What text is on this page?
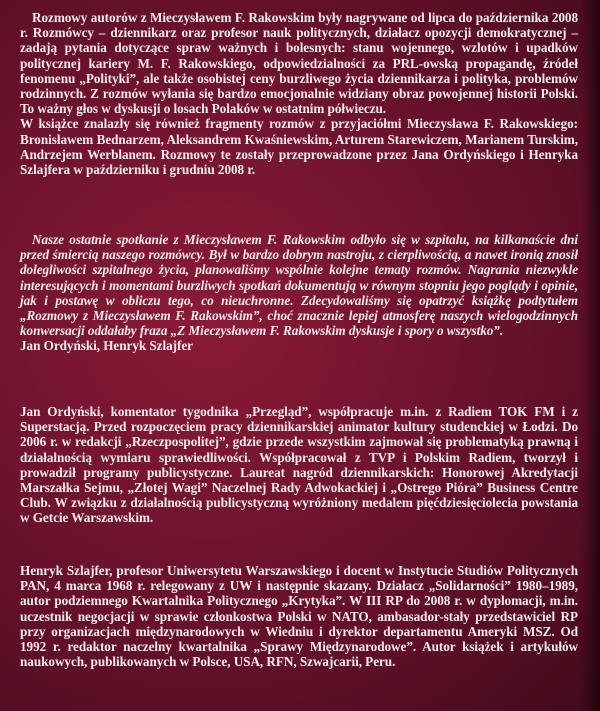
Rozmowy autorów z Mieczysławem F. Rakowskim były nagrywane od lipca do października 2008 r. Rozmówcy – dziennikarz oraz profesor nauk politycznych, działacz opozycji demokratycznej – zadają pytania dotyczące spraw ważnych i bolesnych: stanu wojennego, wzlotów i upadków politycznej kariery M. F. Rakowskiego, odpowiedzialności za PRL-owską propagandę, źródeł fenomenu „Polityki”, ale także osobistej ceny burzliwego życia dziennikarza i polityka, problemów rodzinnych. Z rozmów wyłania się bardzo emocjonalnie widziany obraz powojennej historii Polski. To ważny głos w dyskusji o losach Polaków w ostatnim półwieczu.

W książce znalazły się również fragmenty rozmów z przyjaciółmi Mieczysława F. Rakowskiego: Bronisławem Bednarzem, Aleksandrem Kwaśniewskim, Arturem Starewiczem, Marianem Turskim, Andrzejem Werblanem. Rozmowy te zostały przeprowadzone przez Jana Ordyńskiego i Henryka Szlajfera w październiku i grudniu 2008 r.

Nasze ostatnie spotkanie z Mieczysławem F. Rakowskim odbyło się w szpitalu, na kilkanaście dni przed śmiercią naszego rozmówcy. Był w bardzo dobrym nastroju, z cierpliwością, a nawet ironią znosił dolegliwości szpitalnego życia, planowaliśmy wspólnie kolejne tematy rozmów. Nagrania niezwykle interesujących i momentami burzliwych spotkań dokumentują w równym stopniu jego poglądy i opinie, jak i postawę w obliczu tego, co nieuchronne. Zdecydowaliśmy się opatrzyć książkę podtytułem „Rozmowy z Mieczysławem F. Rakowskim”, choć znacznie lepiej atmosferę naszych wielogodzinnych konwersacji oddałaby fraza „Z Mieczysławem F. Rakowskim dyskusje i spory o wszystko”.

Jan Ordyński, Henryk Szlajfer

Jan Ordyński, komentator tygodnika „Przegląd”, współpracuje m.in. z Radiem TOK FM i z Superstacją. Przed rozpoczęciem pracy dziennikarskiej animator kultury studenckiej w Łodzi. Do 2006 r. w redakcji „Rzeczpospolitej”, gdzie przede wszystkim zajmował się problematyką prawną i działalnością wymiaru sprawiedliwości. Współpracował z TVP i Polskim Radiem, tworzył i prowadził programy publicystyczne. Laureat nagród dziennikarskich: Honorowej Akredytacji Marszałka Sejmu, „Złotej Wagi” Naczelnej Rady Adwokackiej i „Ostrego Pióra” Business Centre Club. W związku z działalnością publicystyczną wyróżniony medalem pięćdziesięciolecia powstania w Getcie Warszawskim.

Henryk Szlajfer, profesor Uniwersytetu Warszawskiego i docent w Instytucie Studiów Politycznych PAN, 4 marca 1968 r. relegowany z UW i następnie skazany. Działacz „Solidarności” 1980–1989, autor podziemnego Kwartalnika Politycznego „Krytyka”. W III RP do 2008 r. w dyplomacji, m.in. uczestnik negocjacji w sprawie członkostwa Polski w NATO, ambasador-stały przedstawiciel RP przy organizacjach międzynarodowych w Wiedniu i dyrektor departamentu Ameryki MSZ. Od 1992 r. redaktor naczelny kwartalnika „Sprawy Międzynarodowe”. Autor książek i artykułów naukowych, publikowanych w Polsce, USA, RFN, Szwajcarii, Peru.
